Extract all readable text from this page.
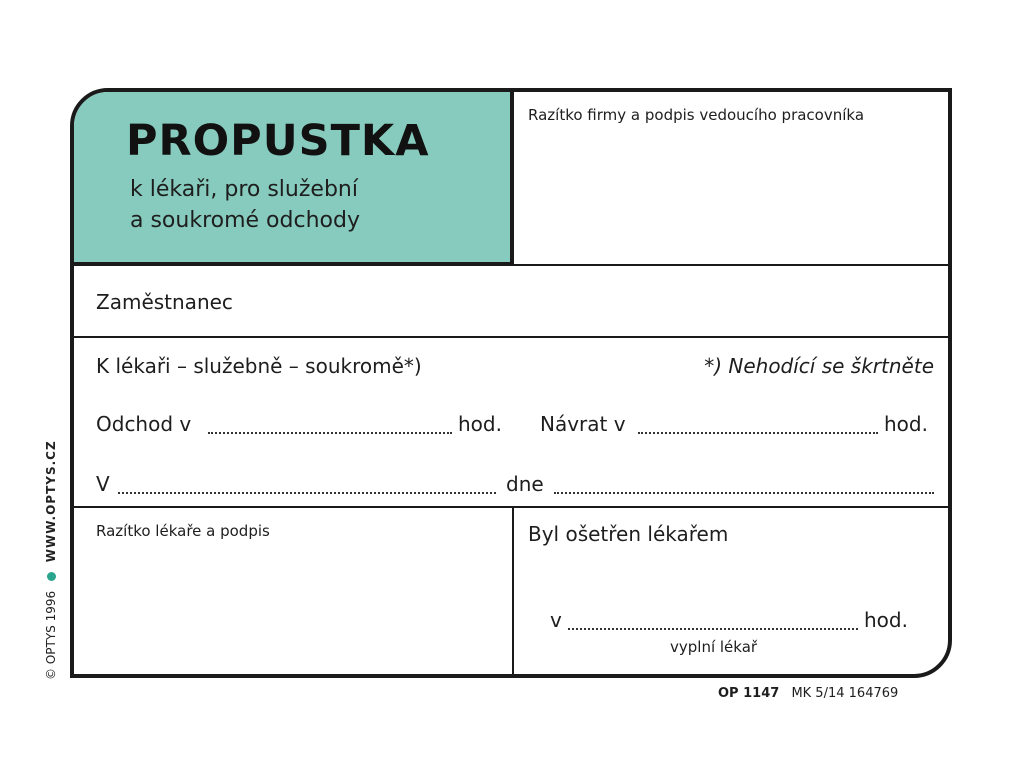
PROPUSTKA
k lékaři, pro služební
a soukromé odchody
Razítko firmy a podpis vedoucího pracovníka
Zaměstnanec
K lékaři – služebně – soukromě*)	*) Nehodící se škrtněte
Odchod v	hod. Návrat v	hod.
V	dne
Razítko lékaře a podpis	Byl ošetřen lékařem
v	hod.
vyplní lékař
© OPTYS 1996  WWW.OPTYS.CZ
OP 1147 MK 5/14 164769
